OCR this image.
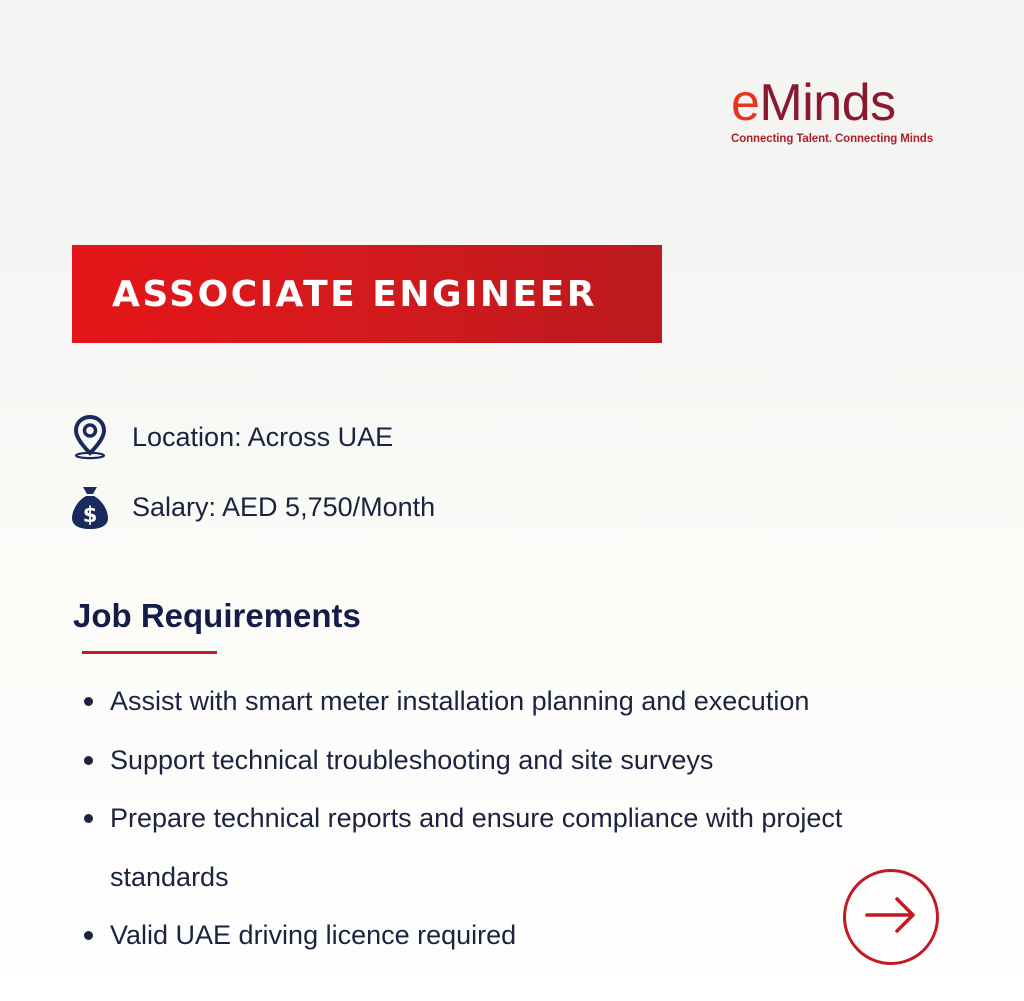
eMinds
Connecting Talent. Connecting Minds
ASSOCIATE ENGINEER
Location: Across UAE
$ Salary: AED 5,750/Month
Job Requirements
Assist with smart meter installation planning and execution
Support technical troubleshooting and site surveys
Prepare technical reports and ensure compliance with project standards
Valid UAE driving licence required
